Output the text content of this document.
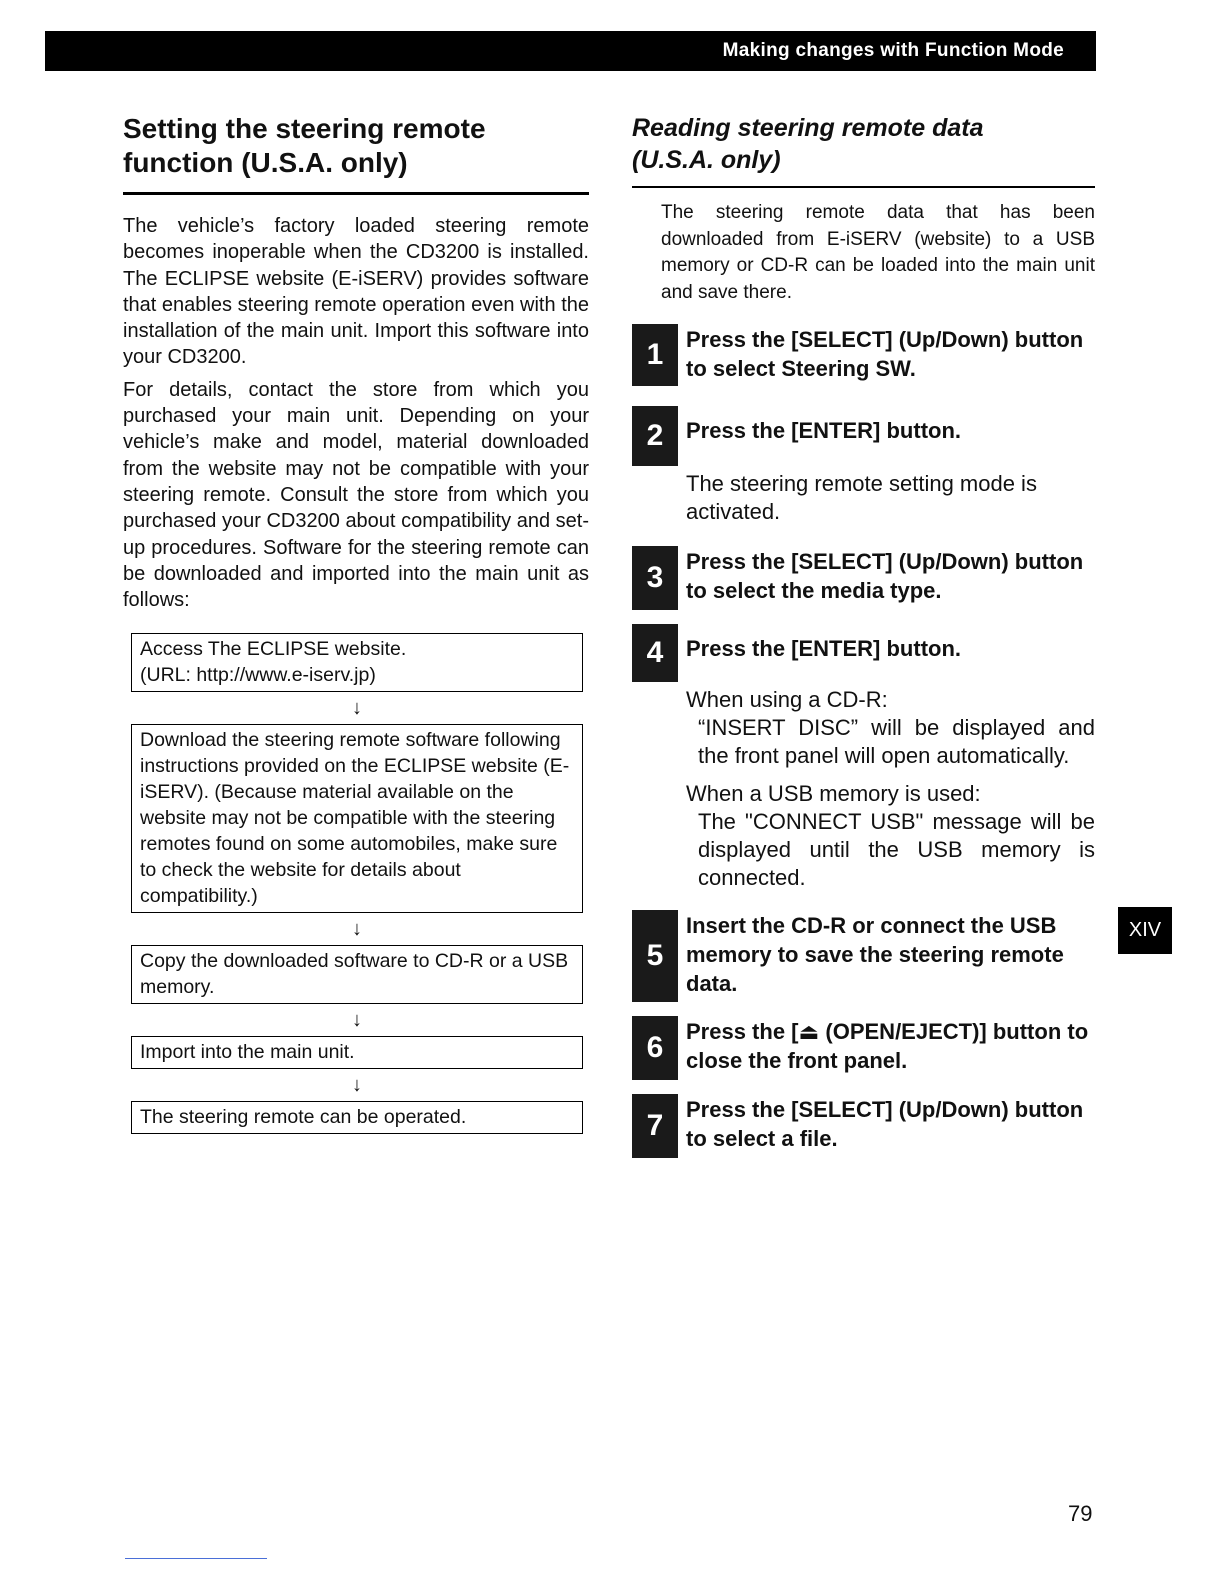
Making changes with Function Mode
Setting the steering remote
function (U.S.A. only)

The vehicle’s factory loaded steering remote becomes inoperable when the CD3200 is installed. The ECLIPSE website (E-iSERV) provides software that enables steering remote operation even with the installation of the main unit. Import this software into your CD3200.

For details, contact the store from which you purchased your main unit. Depending on your vehicle’s make and model, material downloaded from the website may not be compatible with your steering remote. Consult the store from which you purchased your CD3200 about compatibility and set-up procedures. Software for the steering remote can be downloaded and imported into the main unit as follows:

Access The ECLIPSE website.
(URL: http://www.e-iserv.jp)
↓
Download the steering remote software following instructions provided on the ECLIPSE website (E-iSERV). (Because material available on the website may not be compatible with the steering remotes found on some automobiles, make sure to check the website for details about compatibility.)
↓
Copy the downloaded software to CD-R or a USB memory.
↓
Import into the main unit.
↓
The steering remote can be operated.
Reading steering remote data
(U.S.A. only)

The steering remote data that has been downloaded from E-iSERV (website) to a USB memory or CD-R can be loaded into the main unit and save there.

1	Press the [SELECT] (Up/Down) button to select Steering SW.
2	Press the [ENTER] button.
The steering remote setting mode is activated.
3	Press the [SELECT] (Up/Down) button to select the media type.
4	Press the [ENTER] button.
When using a CD-R:
“INSERT DISC” will be displayed and the front panel will open automatically.
When a USB memory is used:
The "CONNECT USB" message will be displayed until the USB memory is connected.
5
Insert the CD-R or connect the USB memory to save the steering remote data.
6	Press the [⏏ (OPEN/EJECT)] button to close the front panel.
7	Press the [SELECT] (Up/Down) button to select a file.
XIV
79
